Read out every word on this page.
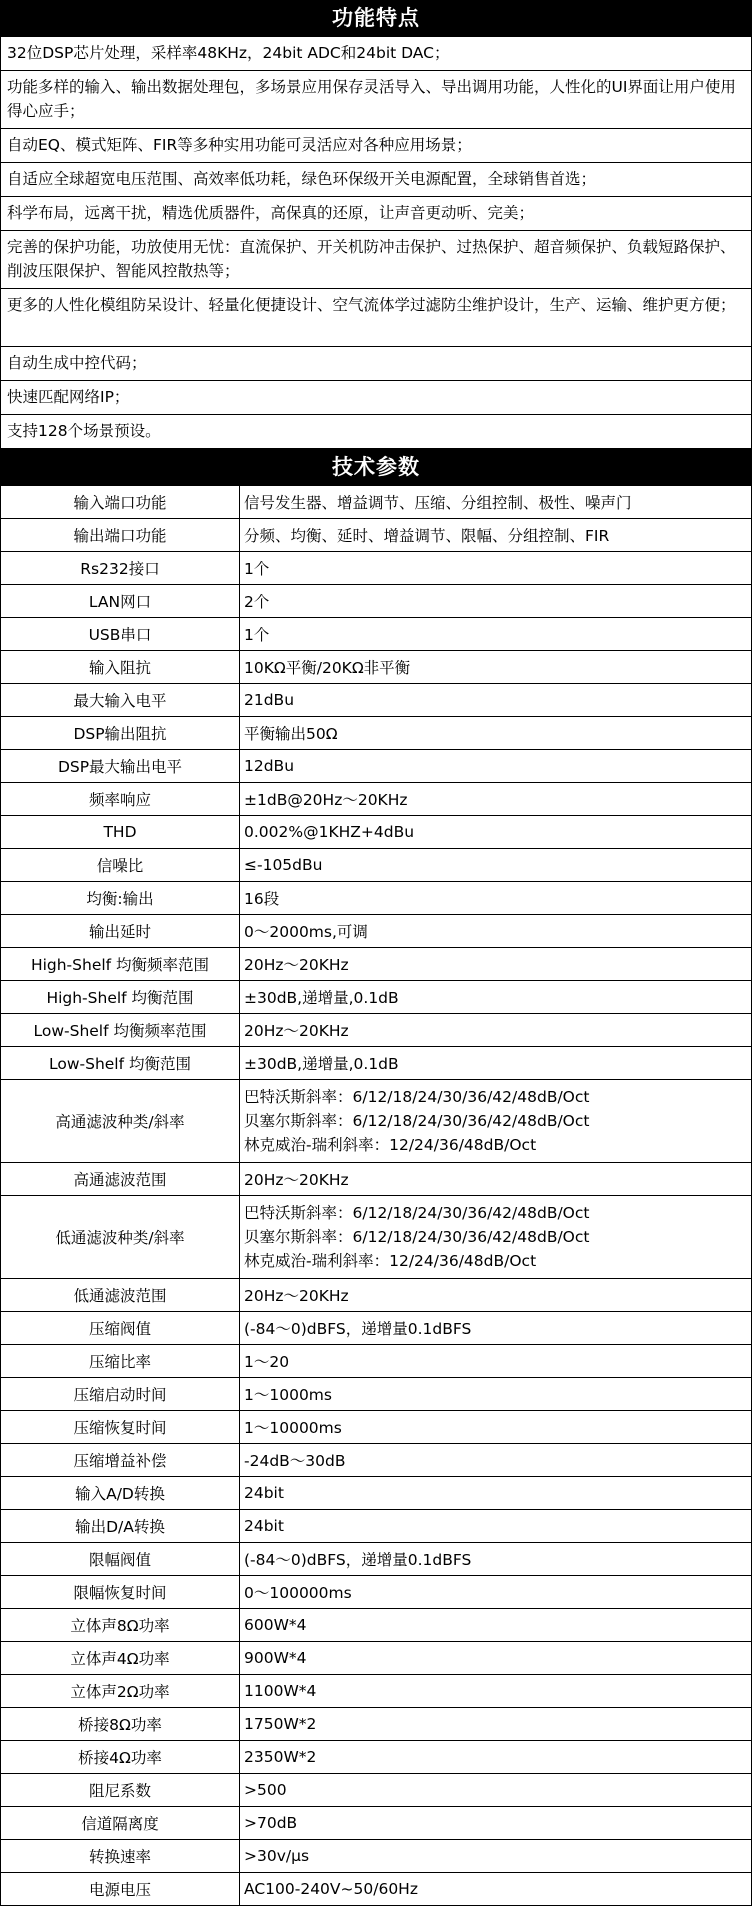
功能特点
32位DSP芯片处理，采样率48KHz，24bit ADC和24bit DAC；
功能多样的输入、输出数据处理包，多场景应用保存灵活导入、导出调用功能，人性化的UI界面让用户使用得心应手；
自动EQ、模式矩阵、FIR等多种实用功能可灵活应对各种应用场景；
自适应全球超宽电压范围、高效率低功耗，绿色环保级开关电源配置，全球销售首选；
科学布局，远离干扰，精选优质器件，高保真的还原，让声音更动听、完美；
完善的保护功能，功放使用无忧：直流保护、开关机防冲击保护、过热保护、超音频保护、负载短路保护、削波压限保护、智能风控散热等；
更多的人性化模组防呆设计、轻量化便捷设计、空气流体学过滤防尘维护设计，生产、运输、维护更方便；
自动生成中控代码；
快速匹配网络IP；
支持128个场景预设。
技术参数
输入端口功能	信号发生器、增益调节、压缩、分组控制、极性、噪声门
输出端口功能	分频、均衡、延时、增益调节、限幅、分组控制、FIR
Rs232接口	1个
LAN网口	2个
USB串口	1个
输入阻抗	10KΩ平衡/20KΩ非平衡
最大输入电平	21dBu
DSP输出阻抗	平衡输出50Ω
DSP最大输出电平	12dBu
频率响应	±1dB@20Hz～20KHz
THD	0.002%@1KHZ+4dBu
信噪比	≤-105dBu
均衡:输出	16段
输出延时	0～2000ms,可调
High-Shelf 均衡频率范围	20Hz～20KHz
High-Shelf 均衡范围	±30dB,递增量,0.1dB
Low-Shelf 均衡频率范围	20Hz～20KHz
Low-Shelf 均衡范围	±30dB,递增量,0.1dB
高通滤波种类/斜率
巴特沃斯斜率：6/12/18/24/30/36/42/48dB/Oct
贝塞尔斯斜率：6/12/18/24/30/36/42/48dB/Oct
林克威治-瑞利斜率：12/24/36/48dB/Oct
高通滤波范围	20Hz～20KHz
低通滤波种类/斜率
巴特沃斯斜率：6/12/18/24/30/36/42/48dB/Oct
贝塞尔斯斜率：6/12/18/24/30/36/42/48dB/Oct
林克威治-瑞利斜率：12/24/36/48dB/Oct
低通滤波范围	20Hz～20KHz
压缩阀值	(-84～0)dBFS，递增量0.1dBFS
压缩比率	1～20
压缩启动时间	1～1000ms
压缩恢复时间	1～10000ms
压缩增益补偿	-24dB～30dB
输入A/D转换	24bit
输出D/A转换	24bit
限幅阀值	(-84～0)dBFS，递增量0.1dBFS
限幅恢复时间	0～100000ms
立体声8Ω功率	600W*4
立体声4Ω功率	900W*4
立体声2Ω功率	1100W*4
桥接8Ω功率	1750W*2
桥接4Ω功率	2350W*2
阻尼系数	>500
信道隔离度	>70dB
转换速率	>30v/μs
电源电压	AC100-240V~50/60Hz
